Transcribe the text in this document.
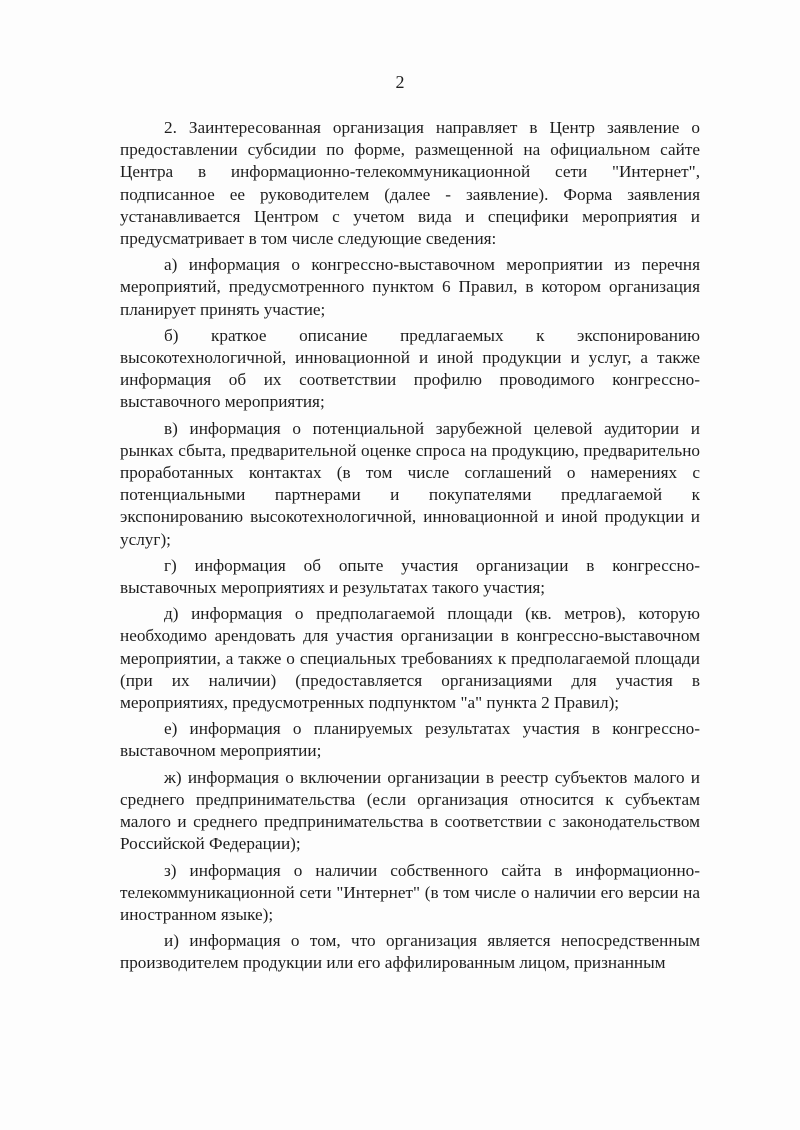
2

2. Заинтересованная организация направляет в Центр заявление о предоставлении субсидии по форме, размещенной на официальном сайте Центра в информационно-телекоммуникационной сети "Интернет", подписанное ее руководителем (далее - заявление). Форма заявления устанавливается Центром с учетом вида и специфики мероприятия и предусматривает в том числе следующие сведения:

а) информация о конгрессно-выставочном мероприятии из перечня мероприятий, предусмотренного пунктом 6 Правил, в котором организация планирует принять участие;

б) краткое описание предлагаемых к экспонированию высокотехнологичной, инновационной и иной продукции и услуг, а также информация об их соответствии профилю проводимого конгрессно-выставочного мероприятия;

в) информация о потенциальной зарубежной целевой аудитории и рынках сбыта, предварительной оценке спроса на продукцию, предварительно проработанных контактах (в том числе соглашений о намерениях с потенциальными партнерами и покупателями предлагаемой к экспонированию высокотехнологичной, инновационной и иной продукции и услуг);

г) информация об опыте участия организации в конгрессно-выставочных мероприятиях и результатах такого участия;

д) информация о предполагаемой площади (кв. метров), которую необходимо арендовать для участия организации в конгрессно-выставочном мероприятии, а также о специальных требованиях к предполагаемой площади (при их наличии) (предоставляется организациями для участия в мероприятиях, предусмотренных подпунктом "а" пункта 2 Правил);

е) информация о планируемых результатах участия в конгрессно-выставочном мероприятии;

ж) информация о включении организации в реестр субъектов малого и среднего предпринимательства (если организация относится к субъектам малого и среднего предпринимательства в соответствии с законодательством Российской Федерации);

з) информация о наличии собственного сайта в информационно-телекоммуникационной сети "Интернет" (в том числе о наличии его версии на иностранном языке);

и) информация о том, что организация является непосредственным производителем продукции или его аффилированным лицом, признанным
